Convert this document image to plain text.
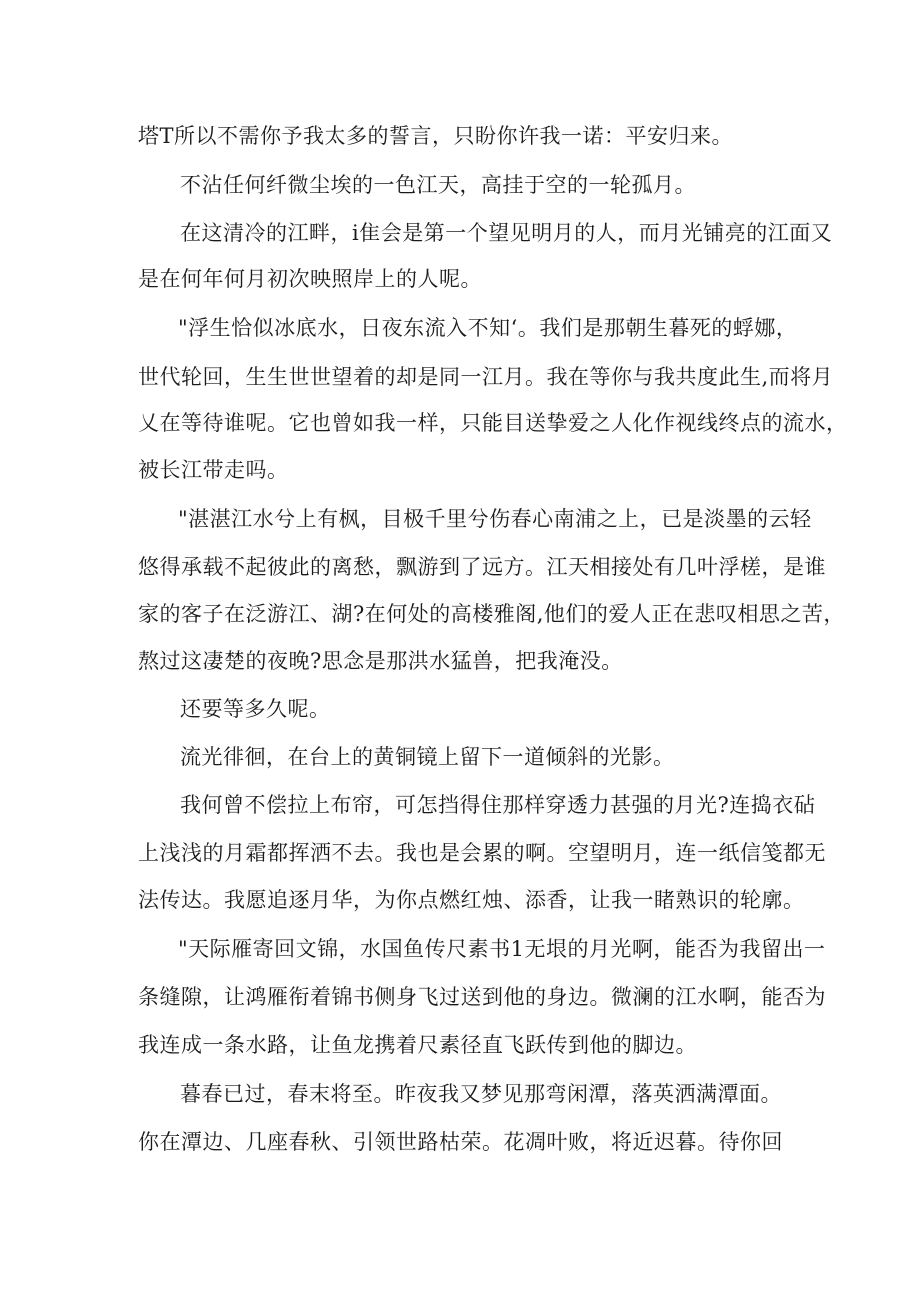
塔T所以不需你予我太多的誓言，只盼你许我一诺：平安归来。
不沾任何纤微尘埃的一色江天，高挂于空的一轮孤月。
在这清冷的江畔，i隹会是第一个望见明月的人，而月光铺亮的江面又
是在何年何月初次映照岸上的人呢。
"浮生恰似冰底水，日夜东流入不知‘。我们是那朝生暮死的蜉娜，
世代轮回，生生世世望着的却是同一江月。我在等你与我共度此生,而将月
乂在等待谁呢。它也曾如我一样，只能目送挚爱之人化作视线终点的流水，
被长江带走吗。
"湛湛江水兮上有枫，目极千里兮伤春心南浦之上，已是淡墨的云轻
悠得承载不起彼此的离愁，飘游到了远方。江天相接处有几叶浮槎，是谁
家的客子在泛游江、湖?在何处的高楼雅阁,他们的爱人正在悲叹相思之苦，
熬过这凄楚的夜晚?思念是那洪水猛兽，把我淹没。
还要等多久呢。
流光徘徊，在台上的黄铜镜上留下一道倾斜的光影。
我何曾不偿拉上布帘，可怎挡得住那样穿透力甚强的月光?连捣衣砧
上浅浅的月霜都挥洒不去。我也是会累的啊。空望明月，连一纸信笺都无
法传达。我愿追逐月华，为你点燃红烛、添香，让我一睹熟识的轮廓。
"天际雁寄回文锦，水国鱼传尺素书1无垠的月光啊，能否为我留出一
条缝隙，让鸿雁衔着锦书侧身飞过送到他的身边。微澜的江水啊，能否为
我连成一条水路，让鱼龙携着尺素径直飞跃传到他的脚边。
暮春已过，春末将至。昨夜我又梦见那弯闲潭，落英洒满潭面。
你在潭边、几座春秋、引领世路枯荣。花凋叶败，将近迟暮。待你回
